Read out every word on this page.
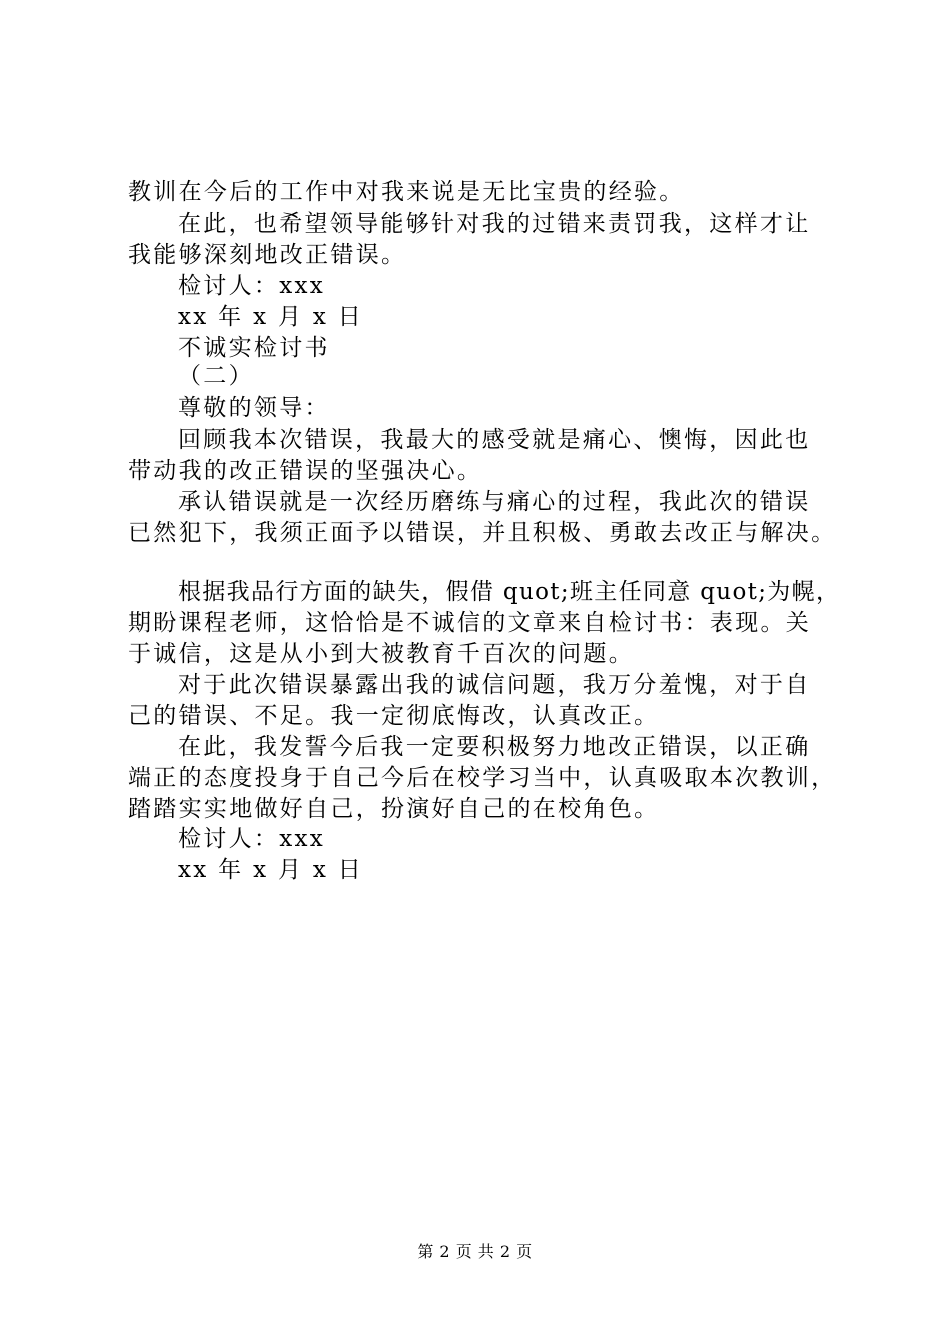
教训在今后的工作中对我来说是无比宝贵的经验。
在此，也希望领导能够针对我的过错来责罚我，这样才让
我能够深刻地改正错误。
检讨人：xxx
xx 年 x 月 x 日
不诚实检讨书
（二）
尊敬的领导：
回顾我本次错误，我最大的感受就是痛心、懊悔，因此也
带动我的改正错误的坚强决心。
承认错误就是一次经历磨练与痛心的过程，我此次的错误
已然犯下，我须正面予以错误，并且积极、勇敢去改正与解决。
根据我品行方面的缺失，假借 quot;班主任同意 quot;为幌，
期盼课程老师，这恰恰是不诚信的文章来自检讨书：表现。关
于诚信，这是从小到大被教育千百次的问题。
对于此次错误暴露出我的诚信问题，我万分羞愧，对于自
己的错误、不足。我一定彻底悔改，认真改正。
在此，我发誓今后我一定要积极努力地改正错误，以正确
端正的态度投身于自己今后在校学习当中，认真吸取本次教训，
踏踏实实地做好自己，扮演好自己的在校角色。
检讨人：xxx
xx 年 x 月 x 日
第 2 页 共 2 页
